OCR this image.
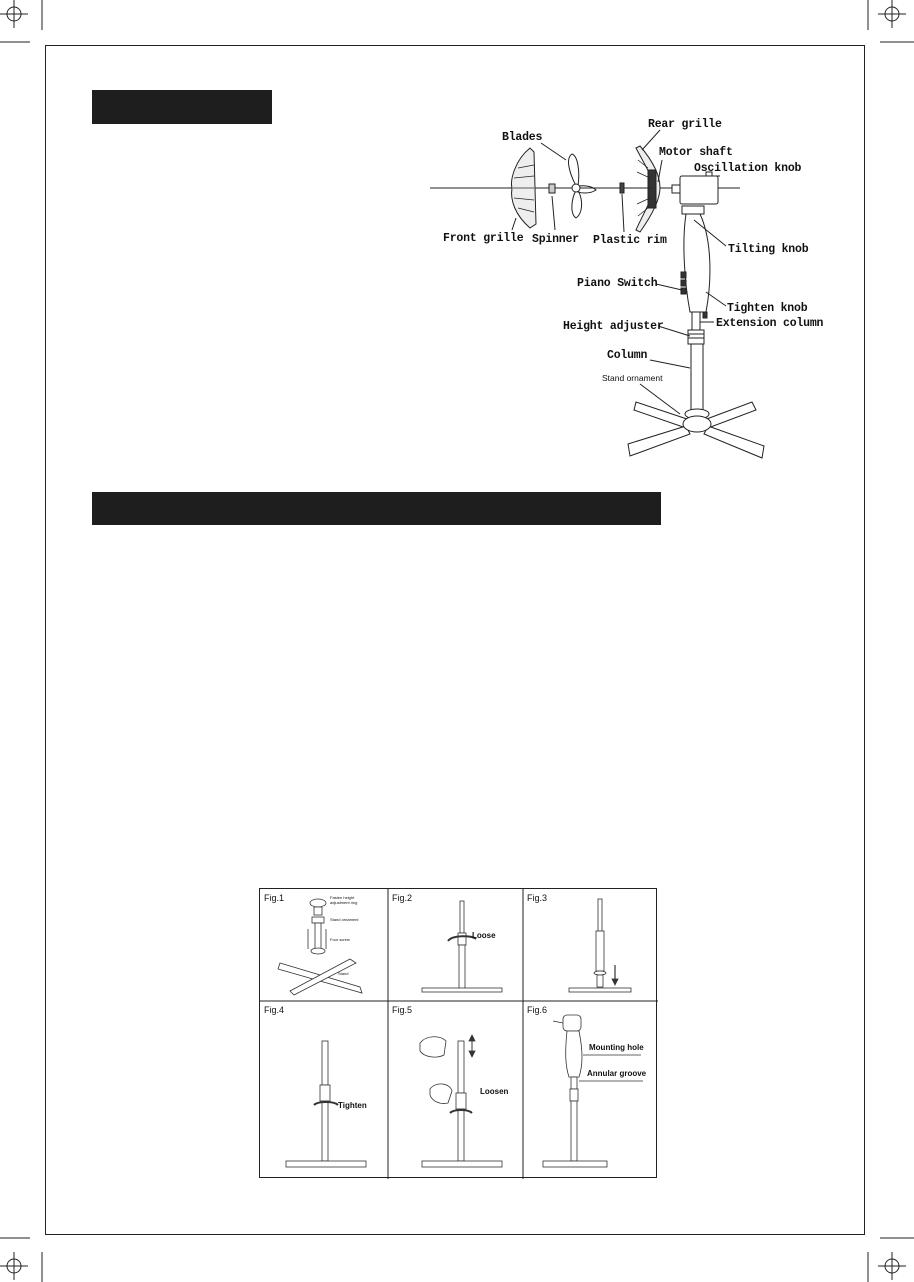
Blades
Rear grille
Motor shaft
Oscillation knob
Front grille Spinner Plastic rim
Tilting knob
Piano Switch
Tighten knob
Height adjuster	Extension column
Column
Stand ornament
Fig.1	Fasten height adjustment ring
Stand ornament
Four screw
Stand
Fig.2
Loose
Fig.3
Fig.4
Tighten
Fig.5
Loosen
Fig.6
Mounting hole
Annular groove
